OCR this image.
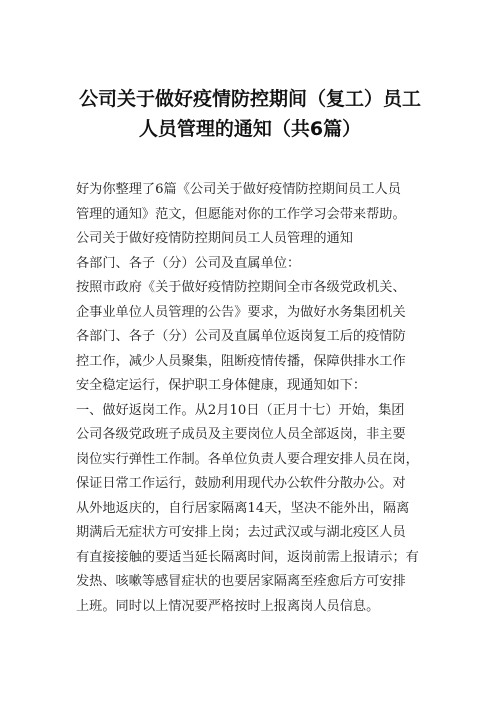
公司关于做好疫情防控期间（复工）员工
人员管理的通知（共6篇）
好为你整理了6篇《公司关于做好疫情防控期间员工人员
管理的通知》范文，但愿能对你的工作学习会带来帮助。
公司关于做好疫情防控期间员工人员管理的通知
各部门、各子（分）公司及直属单位：
按照市政府《关于做好疫情防控期间全市各级党政机关、
企事业单位人员管理的公告》要求，为做好水务集团机关
各部门、各子（分）公司及直属单位返岗复工后的疫情防
控工作，减少人员聚集，阻断疫情传播，保障供排水工作
安全稳定运行，保护职工身体健康，现通知如下：
一、做好返岗工作。从2月10日（正月十七）开始，集团
公司各级党政班子成员及主要岗位人员全部返岗，非主要
岗位实行弹性工作制。各单位负责人要合理安排人员在岗，
保证日常工作运行，鼓励利用现代办公软件分散办公。对
从外地返庆的，自行居家隔离14天，坚决不能外出，隔离
期满后无症状方可安排上岗；去过武汉或与湖北疫区人员
有直接接触的要适当延长隔离时间，返岗前需上报请示；有
发热、咳嗽等感冒症状的也要居家隔离至痊愈后方可安排
上班。同时以上情况要严格按时上报离岗人员信息。
